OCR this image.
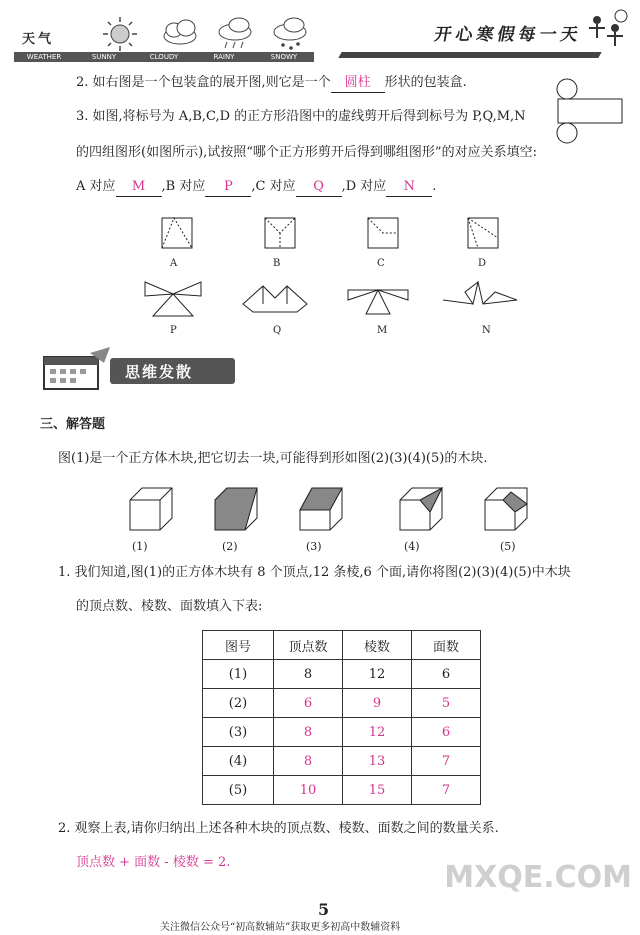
天气
WEATHER	SUNNY	CLOUDY	RAINY	SNOWY
开心寒假每一天
2. 如右图是一个包装盒的展开图,则它是一个 圆柱 形状的包装盒.
3. 如图,将标号为 A,B,C,D 的正方形沿图中的虚线剪开后得到标号为 P,Q,M,N
的四组图形(如图所示),试按照“哪个正方形剪开后得到哪组图形”的对应关系填空:
A 对应 M ,B 对应 P ,C 对应 Q ,D 对应 N .
A	B	C	D
P	Q	M	N
思维发散
三、解答题
图(1)是一个正方体木块,把它切去一块,可能得到形如图(2)(3)(4)(5)的木块.
(1)	(2)	(3)	(4)	(5)
1. 我们知道,图(1)的正方体木块有 8 个顶点,12 条棱,6 个面,请你将图(2)(3)(4)(5)中木块
的顶点数、棱数、面数填入下表:
图号	顶点数	棱数	面数
(1)	8	12	6
(2)	6	9	5
(3)	8	12	6
(4)	8	13	7
(5)	10	15	7
2. 观察上表,请你归纳出上述各种木块的顶点数、棱数、面数之间的数量关系.
顶点数 + 面数 - 棱数 = 2.	MXQE.COM
5
关注微信公众号“初高数辅站”获取更多初高中数辅资料
